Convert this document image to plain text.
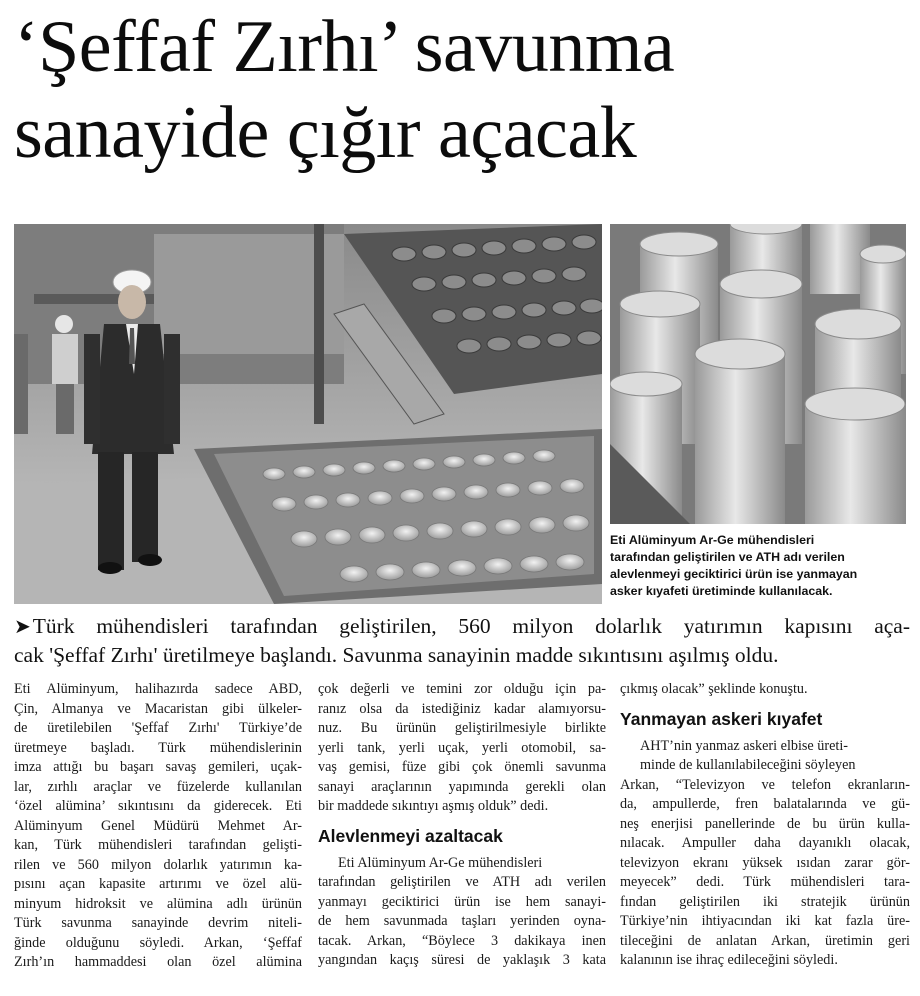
‘Şeffaf Zırhı’ savunma
sanayide çığır açacak
Eti Alüminyum Ar-Ge mühendisleri
tarafından geliştirilen ve ATH adı verilen
alevlenmeyi geciktirici ürün ise yanmayan
asker kıyafeti üretiminde kullanılacak.
➤Türk mühendisleri tarafından geliştirilen, 560 milyon dolarlık yatırımın kapısını aça-
cak 'Şeffaf Zırhı' üretilmeye başlandı. Savunma sanayinin madde sıkıntısını aşılmış oldu.
Eti Alüminyum, halihazırda sadece ABD,
Çin, Almanya ve Macaristan gibi ülkeler-
de üretilebilen 'Şeffaf Zırhı' Türkiye’de
üretmeye başladı. Türk mühendislerinin
imza attığı bu başarı savaş gemileri, uçak-
lar, zırhlı araçlar ve füzelerde kullanılan
‘özel alümina’ sıkıntısını da giderecek. Eti
Alüminyum Genel Müdürü Mehmet Ar-
kan, Türk mühendisleri tarafından gelişti-
rilen ve 560 milyon dolarlık yatırımın ka-
pısını açan kapasite artırımı ve özel alü-
minyum hidroksit ve alümina adlı ürünün
Türk savunma sanayinde devrim niteli-
ğinde olduğunu söyledi. Arkan, ‘Şeffaf
Zırh’ın hammaddesi olan özel alümina
çok değerli ve temini zor olduğu için pa-
ranız olsa da istediğiniz kadar alamıyorsu-
nuz. Bu ürünün geliştirilmesiyle birlikte
yerli tank, yerli uçak, yerli otomobil, sa-
vaş gemisi, füze gibi çok önemli savunma
sanayi araçlarının yapımında gerekli olan
bir maddede sıkıntıyı aşmış olduk” dedi.
Alevlenmeyi azaltacak
Eti Alüminyum Ar-Ge mühendisleri
tarafından geliştirilen ve ATH adı verilen
yanmayı geciktirici ürün ise hem sanayi-
de hem savunmada taşları yerinden oyna-
tacak. Arkan, “Böylece 3 dakikaya inen
yangından kaçış süresi de yaklaşık 3 kata
çıkmış olacak” şeklinde konuştu.
Yanmayan askeri kıyafet
AHT’nin yanmaz askeri elbise üreti-
minde de kullanılabileceğini söyleyen
Arkan, “Televizyon ve telefon ekranların-
da, ampullerde, fren balatalarında ve gü-
neş enerjisi panellerinde de bu ürün kulla-
nılacak. Ampuller daha dayanıklı olacak,
televizyon ekranı yüksek ısıdan zarar gör-
meyecek” dedi. Türk mühendisleri tara-
fından geliştirilen iki stratejik ürünün
Türkiye’nin ihtiyacından iki kat fazla üre-
tileceğini de anlatan Arkan, üretimin geri
kalanının ise ihraç edileceğini söyledi.
